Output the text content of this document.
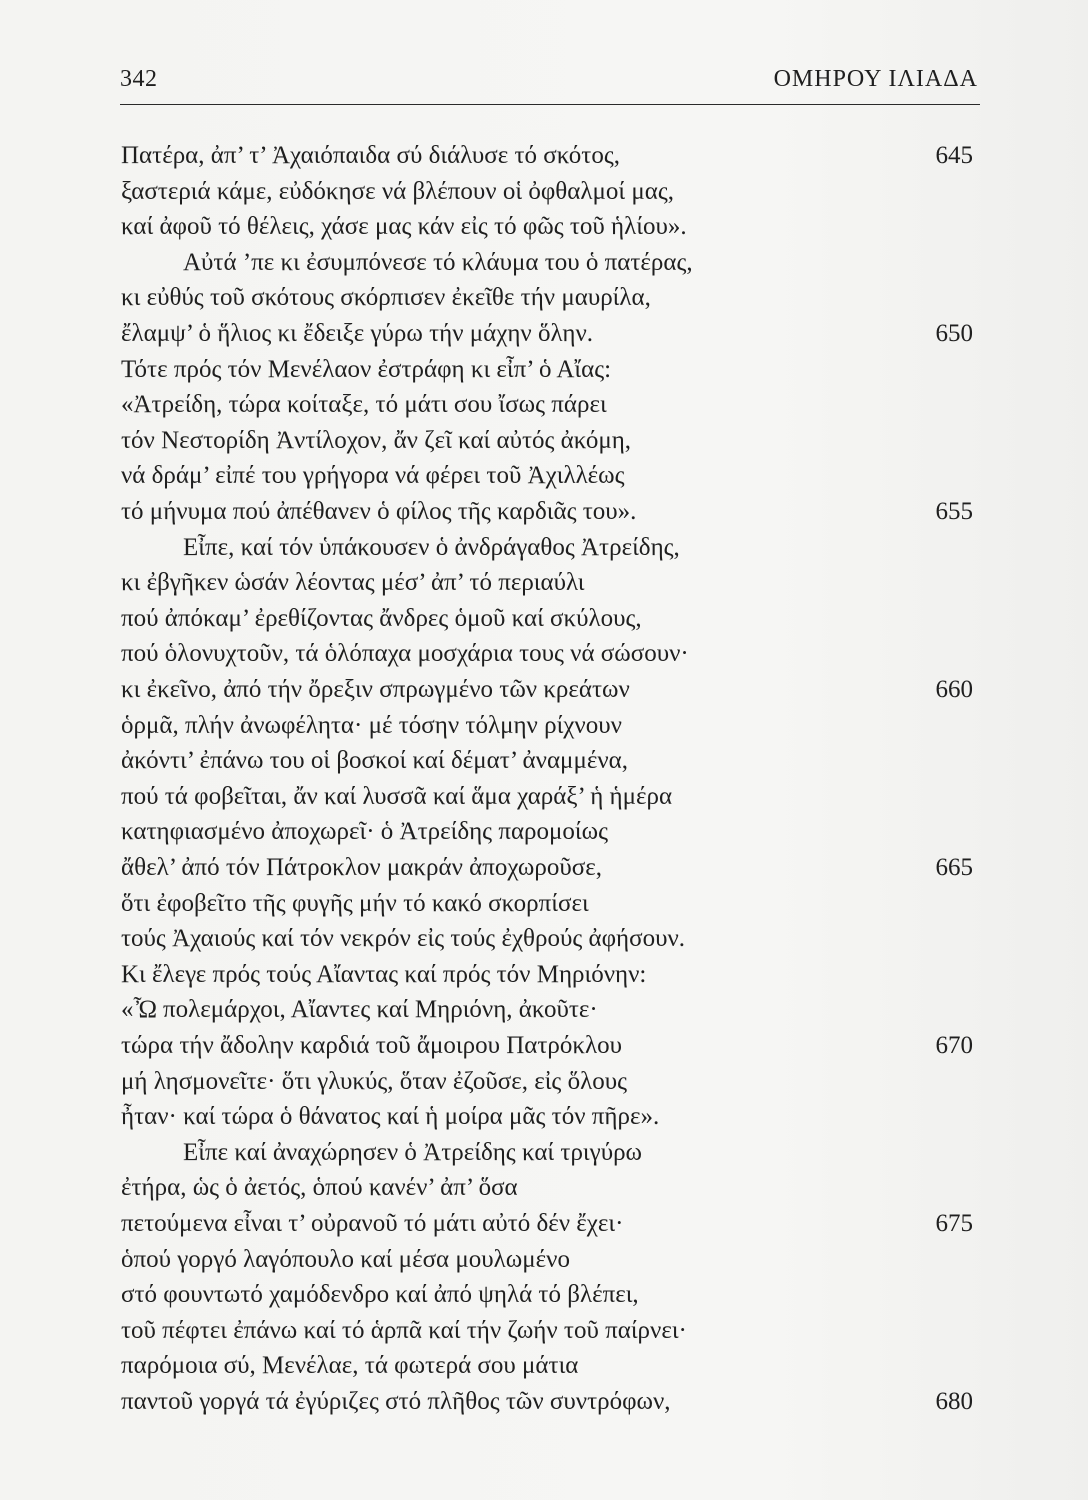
342	ΟΜΗΡΟΥ ΙΛΙΑΔΑ
Πατέρα, ἀπ’ τ’ Ἀχαιόπαιδα σύ διάλυσε τό σκότος,	645
ξαστεριά κάμε, εὐδόκησε νά βλέπουν οἱ ὀφθαλμοί μας,
καί ἀφοῦ τό θέλεις, χάσε μας κάν εἰς τό φῶς τοῦ ἡλίου».
Αὐτά ’πε κι ἐσυμπόνεσε τό κλάυμα του ὁ πατέρας,
κι εὐθύς τοῦ σκότους σκόρπισεν ἐκεῖθε τήν μαυρίλα,
ἔλαμψ’ ὁ ἥλιος κι ἔδειξε γύρω τήν μάχην ὅλην.	650
Τότε πρός τόν Μενέλαον ἐστράφη κι εἶπ’ ὁ Αἴας:
«Ἀτρείδη, τώρα κοίταξε, τό μάτι σου ἴσως πάρει
τόν Νεστορίδη Ἀντίλοχον, ἄν ζεῖ καί αὐτός ἀκόμη,
νά δράμ’ εἰπέ του γρήγορα νά φέρει τοῦ Ἀχιλλέως
τό μήνυμα πού ἀπέθανεν ὁ φίλος τῆς καρδιᾶς του».	655
Εἶπε, καί τόν ὑπάκουσεν ὁ ἀνδράγαθος Ἀτρείδης,
κι ἐβγῆκεν ὡσάν λέοντας μέσ’ ἀπ’ τό περιαύλι
πού ἀπόκαμ’ ἐρεθίζοντας ἄνδρες ὁμοῦ καί σκύλους,
πού ὁλονυχτοῦν, τά ὁλόπαχα μοσχάρια τους νά σώσουν·
κι ἐκεῖνο, ἀπό τήν ὄρεξιν σπρωγμένο τῶν κρεάτων	660
ὁρμᾶ, πλήν ἀνωφέλητα· μέ τόσην τόλμην ρίχνουν
ἀκόντι’ ἐπάνω του οἱ βοσκοί καί δέματ’ ἀναμμένα,
πού τά φοβεῖται, ἄν καί λυσσᾶ καί ἅμα χαράξ’ ἡ ἡμέρα
κατηφιασμένο ἀποχωρεῖ· ὁ Ἀτρείδης παρομοίως
ἄθελ’ ἀπό τόν Πάτροκλον μακράν ἀποχωροῦσε,	665
ὅτι ἐφοβεῖτο τῆς φυγῆς μήν τό κακό σκορπίσει
τούς Ἀχαιούς καί τόν νεκρόν εἰς τούς ἐχθρούς ἀφήσουν.
Κι ἔλεγε πρός τούς Αἴαντας καί πρός τόν Μηριόνην:
«Ὦ πολεμάρχοι, Αἴαντες καί Μηριόνη, ἀκοῦτε·
τώρα τήν ἄδολην καρδιά τοῦ ἄμοιρου Πατρόκλου	670
μή λησμονεῖτε· ὅτι γλυκύς, ὅταν ἐζοῦσε, εἰς ὅλους
ἦταν· καί τώρα ὁ θάνατος καί ἡ μοίρα μᾶς τόν πῆρε».
Εἶπε καί ἀναχώρησεν ὁ Ἀτρείδης καί τριγύρω
ἐτήρα, ὡς ὁ ἀετός, ὁπού κανέν’ ἀπ’ ὅσα
πετούμενα εἶναι τ’ οὐρανοῦ τό μάτι αὐτό δέν ἔχει·	675
ὁπού γοργό λαγόπουλο καί μέσα μουλωμένο
στό φουντωτό χαμόδενδρο καί ἀπό ψηλά τό βλέπει,
τοῦ πέφτει ἐπάνω καί τό ἁρπᾶ καί τήν ζωήν τοῦ παίρνει·
παρόμοια σύ, Μενέλαε, τά φωτερά σου μάτια
παντοῦ γοργά τά ἐγύριζες στό πλῆθος τῶν συντρόφων,	680
